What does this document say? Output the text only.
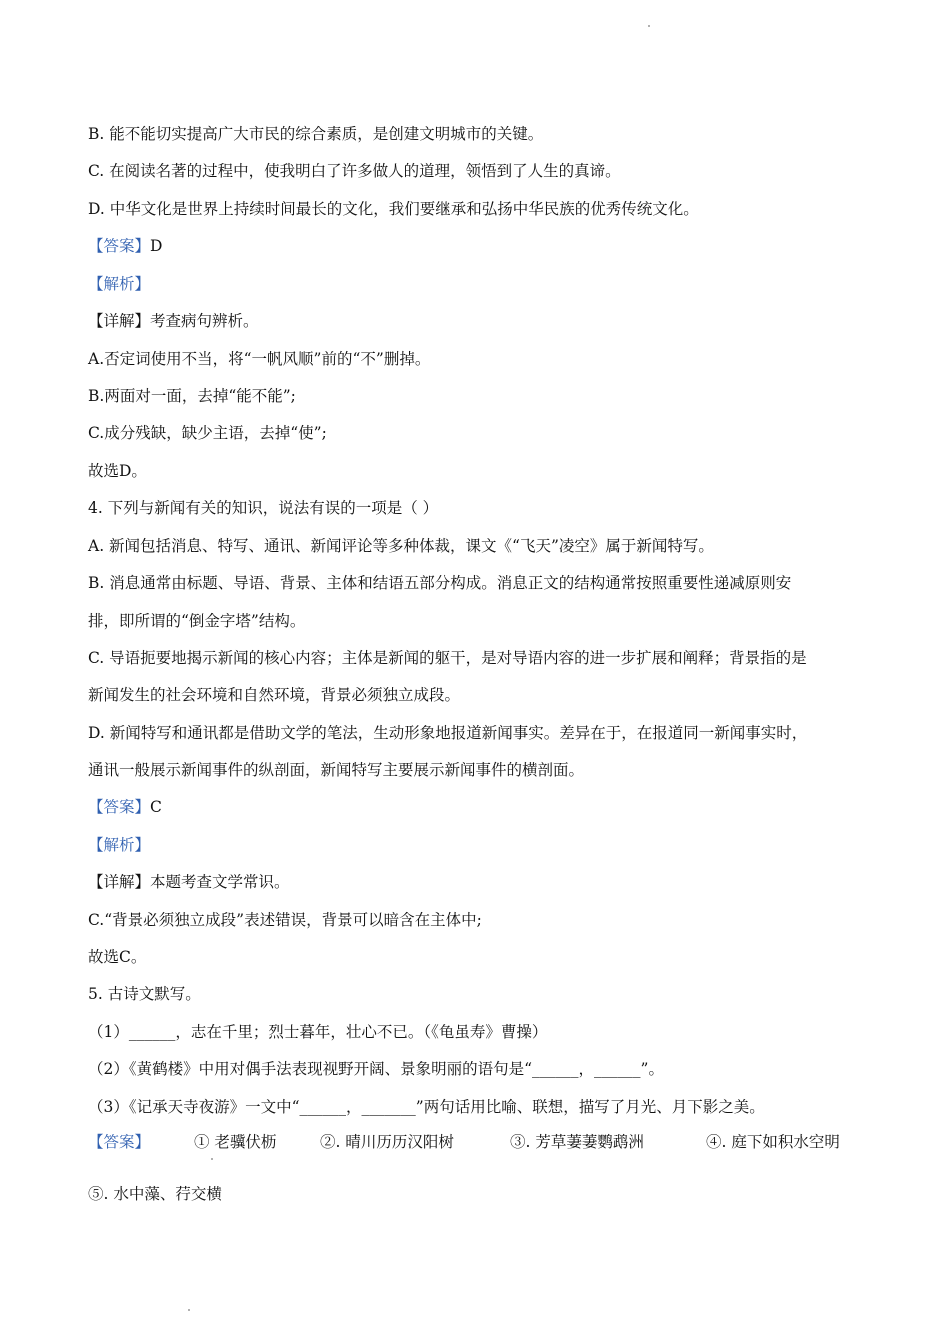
B. 能不能切实提高广大市民的综合素质，是创建文明城市的关键。
C. 在阅读名著的过程中，使我明白了许多做人的道理，领悟到了人生的真谛。
D. 中华文化是世界上持续时间最长的文化，我们要继承和弘扬中华民族的优秀传统文化。
【答案】D
【解析】
【详解】考查病句辨析。
A.否定词使用不当，将“一帆风顺”前的“不”删掉。
B.两面对一面，去掉“能不能”;
C.成分残缺，缺少主语，去掉“使”;
故选D。
4. 下列与新闻有关的知识，说法有误的一项是（ ）
A. 新闻包括消息、特写、通讯、新闻评论等多种体裁，课文《“飞天”凌空》属于新闻特写。
B. 消息通常由标题、导语、背景、主体和结语五部分构成。消息正文的结构通常按照重要性递减原则安
排，即所谓的“倒金字塔”结构。
C. 导语扼要地揭示新闻的核心内容；主体是新闻的躯干，是对导语内容的进一步扩展和阐释；背景指的是
新闻发生的社会环境和自然环境，背景必须独立成段。
D. 新闻特写和通讯都是借助文学的笔法，生动形象地报道新闻事实。差异在于，在报道同一新闻事实时，
通讯一般展示新闻事件的纵剖面，新闻特写主要展示新闻事件的横剖面。
【答案】C
【解析】
【详解】本题考查文学常识。
C.“背景必须独立成段”表述错误，背景可以暗含在主体中;
故选C。
5. 古诗文默写。
（1）______，志在千里；烈士暮年，壮心不已。（《龟虽寿》曹操）
（2）《黄鹤楼》中用对偶手法表现视野开阔、景象明丽的语句是“______，______”。
（3）《记承天寺夜游》一文中“______，_______”两句话用比喻、联想，描写了月光、月下影之美。
【答案】	① 老骥伏枥	②. 晴川历历汉阳树	③. 芳草萋萋鹦鹉洲	④. 庭下如积水空明
⑤. 水中藻、荇交横
